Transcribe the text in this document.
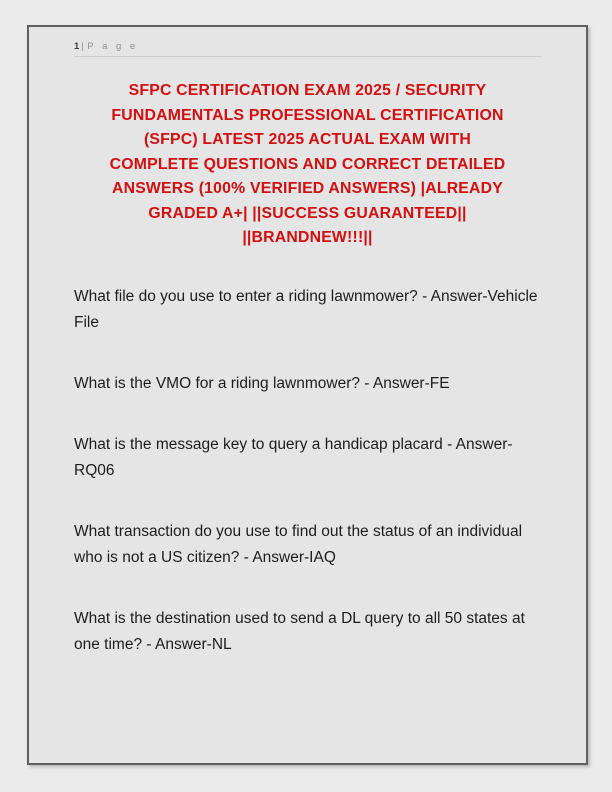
1 | P a g e
SFPC CERTIFICATION EXAM 2025 / SECURITY
FUNDAMENTALS PROFESSIONAL CERTIFICATION
(SFPC) LATEST 2025 ACTUAL EXAM WITH
COMPLETE QUESTIONS AND CORRECT DETAILED
ANSWERS (100% VERIFIED ANSWERS) |ALREADY
GRADED A+| ||SUCCESS GUARANTEED||
||BRANDNEW!!!||

What file do you use to enter a riding lawnmower? - Answer-Vehicle File

What is the VMO for a riding lawnmower? - Answer-FE

What is the message key to query a handicap placard - Answer-RQ06

What transaction do you use to find out the status of an individual who is not a US citizen? - Answer-IAQ

What is the destination used to send a DL query to all 50 states at one time? - Answer-NL
